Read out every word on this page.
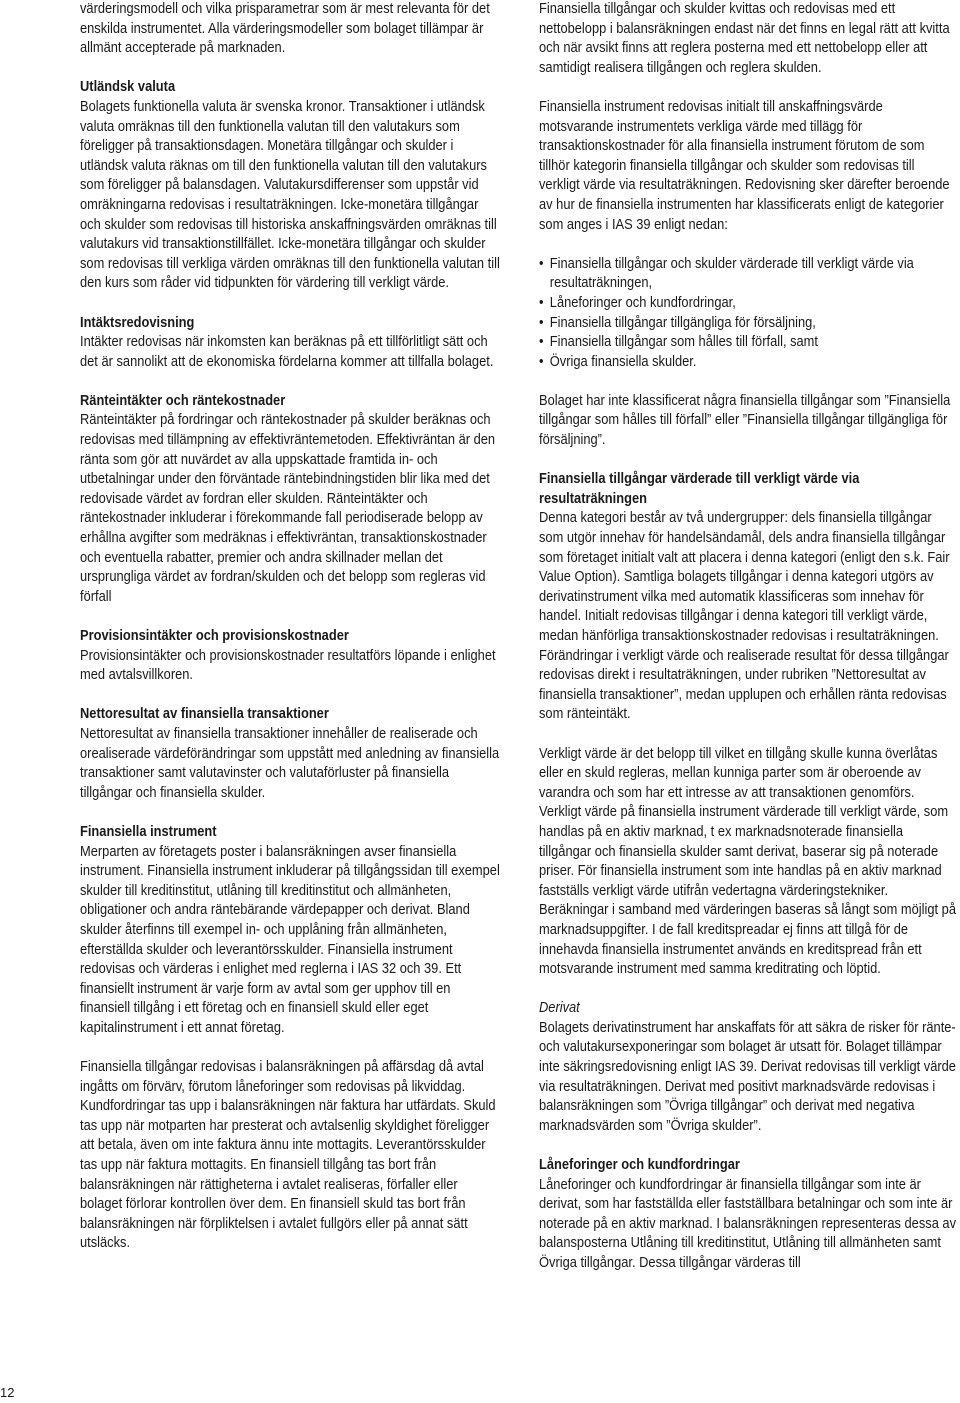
värderingsmodell och vilka prisparametrar som är mest relevanta för det enskilda instrumentet. Alla värderingsmodeller som bolaget tillämpar är allmänt accepterade på marknaden.

Utländsk valuta
Bolagets funktionella valuta är svenska kronor. Transaktioner i utländsk valuta omräknas till den funktionella valutan till den valutakurs som föreligger på transaktionsdagen. Monetära tillgångar och skulder i utländsk valuta räknas om till den funktionella valutan till den valutakurs som föreligger på balansdagen. Valutakursdifferenser som uppstår vid omräkningarna redovisas i resultaträkningen. Icke-monetära tillgångar och skulder som redovisas till historiska anskaffningsvärden omräknas till valutakurs vid transaktionstillfället. Icke-monetära tillgångar och skulder som redovisas till verkliga värden omräknas till den funktionella valutan till den kurs som råder vid tidpunkten för värdering till verkligt värde.

Intäktsredovisning
Intäkter redovisas när inkomsten kan beräknas på ett tillförlitligt sätt och det är sannolikt att de ekonomiska fördelarna kommer att tillfalla bolaget.

Ränteintäkter och räntekostnader
Ränteintäkter på fordringar och räntekostnader på skulder beräknas och redovisas med tillämpning av effektivräntemetoden. Effektivräntan är den ränta som gör att nuvärdet av alla uppskattade framtida in- och utbetalningar under den förväntade räntebindningstiden blir lika med det redovisade värdet av fordran eller skulden. Ränteintäkter och räntekostnader inkluderar i förekommande fall periodiserade belopp av erhållna avgifter som medräknas i effektivräntan, transaktionskostnader och eventuella rabatter, premier och andra skillnader mellan det ursprungliga värdet av fordran/skulden och det belopp som regleras vid förfall

Provisionsintäkter och provisionskostnader
Provisionsintäkter och provisionskostnader resultatförs löpande i enlighet med avtalsvillkoren.

Nettoresultat av finansiella transaktioner
Nettoresultat av finansiella transaktioner innehåller de realiserade och orealiserade värdeförändringar som uppstått med anledning av finansiella transaktioner samt valutavinster och valutaförluster på finansiella tillgångar och finansiella skulder.

Finansiella instrument
Merparten av företagets poster i balansräkningen avser finansiella instrument. Finansiella instrument inkluderar på tillgångssidan till exempel skulder till kreditinstitut, utlåning till kreditinstitut och allmänheten, obligationer och andra räntebärande värdepapper och derivat. Bland skulder återfinns till exempel in- och upplåning från allmänheten, efterställda skulder och leverantörsskulder. Finansiella instrument redovisas och värderas i enlighet med reglerna i IAS 32 och 39. Ett finansiellt instrument är varje form av avtal som ger upphov till en finansiell tillgång i ett företag och en finansiell skuld eller eget kapitalinstrument i ett annat företag.

Finansiella tillgångar redovisas i balansräkningen på affärsdag då avtal ingåtts om förvärv, förutom låneforinger som redovisas på likviddag. Kundfordringar tas upp i balansräkningen när faktura har utfärdats. Skuld tas upp när motparten har presterat och avtalsenlig skyldighet föreligger att betala, även om inte faktura ännu inte mottagits. Leverantörsskulder tas upp när faktura mottagits. En finansiell tillgång tas bort från balansräkningen när rättigheterna i avtalet realiseras, förfaller eller bolaget förlorar kontrollen över dem. En finansiell skuld tas bort från balansräkningen när förpliktelsen i avtalet fullgörs eller på annat sätt utsläcks.

Finansiella tillgångar och skulder kvittas och redovisas med ett nettobelopp i balansräkningen endast när det finns en legal rätt att kvitta och när avsikt finns att reglera posterna med ett nettobelopp eller att samtidigt realisera tillgången och reglera skulden.

Finansiella instrument redovisas initialt till anskaffningsvärde motsvarande instrumentets verkliga värde med tillägg för transaktionskostnader för alla finansiella instrument förutom de som tillhör kategorin finansiella tillgångar och skulder som redovisas till verkligt värde via resultaträkningen. Redovisning sker därefter beroende av hur de finansiella instrumenten har klassificerats enligt de kategorier som anges i IAS 39 enligt nedan:

• Finansiella tillgångar och skulder värderade till verkligt värde via resultaträkningen,
• Låneforinger och kundfordringar,
• Finansiella tillgångar tillgängliga för försäljning,
• Finansiella tillgångar som hålles till förfall, samt
• Övriga finansiella skulder.

Bolaget har inte klassificerat några finansiella tillgångar som ”Finansiella tillgångar som hålles till förfall” eller ”Finansiella tillgångar tillgängliga för försäljning”.

Finansiella tillgångar värderade till verkligt värde via resultaträkningen
Denna kategori består av två undergrupper: dels finansiella tillgångar som utgör innehav för handelsändamål, dels andra finansiella tillgångar som företaget initialt valt att placera i denna kategori (enligt den s.k. Fair Value Option). Samtliga bolagets tillgångar i denna kategori utgörs av derivatinstrument vilka med automatik klassificeras som innehav för handel. Initialt redovisas tillgångar i denna kategori till verkligt värde, medan hänförliga transaktionskostnader redovisas i resultaträkningen. Förändringar i verkligt värde och realiserade resultat för dessa tillgångar redovisas direkt i resultaträkningen, under rubriken ”Nettoresultat av finansiella transaktioner”, medan upplupen och erhållen ränta redovisas som ränteintäkt.

Verkligt värde är det belopp till vilket en tillgång skulle kunna överlåtas eller en skuld regleras, mellan kunniga parter som är oberoende av varandra och som har ett intresse av att transaktionen genomförs. Verkligt värde på finansiella instrument värderade till verkligt värde, som handlas på en aktiv marknad, t ex marknadsnoterade finansiella tillgångar och finansiella skulder samt derivat, baserar sig på noterade priser. För finansiella instrument som inte handlas på en aktiv marknad fastställs verkligt värde utifrån vedertagna värderingstekniker. Beräkningar i samband med värderingen baseras så långt som möjligt på marknadsuppgifter. I de fall kreditspreadar ej finns att tillgå för de innehavda finansiella instrumentet används en kreditspread från ett motsvarande instrument med samma kreditrating och löptid.

Derivat
Bolagets derivatinstrument har anskaffats för att säkra de risker för ränte- och valutakursexponeringar som bolaget är utsatt för. Bolaget tillämpar inte säkringsredovisning enligt IAS 39. Derivat redovisas till verkligt värde via resultaträkningen. Derivat med positivt marknadsvärde redovisas i balansräkningen som ”Övriga tillgångar” och derivat med negativa marknadsvärden som ”Övriga skulder”.

Låneforinger och kundfordringar
Låneforinger och kundfordringar är finansiella tillgångar som inte är derivat, som har fastställda eller fastställbara betalningar och som inte är noterade på en aktiv marknad. I balansräkningen representeras dessa av balansposterna Utlåning till kreditinstitut, Utlåning till allmänheten samt Övriga tillgångar. Dessa tillgångar värderas till

12
